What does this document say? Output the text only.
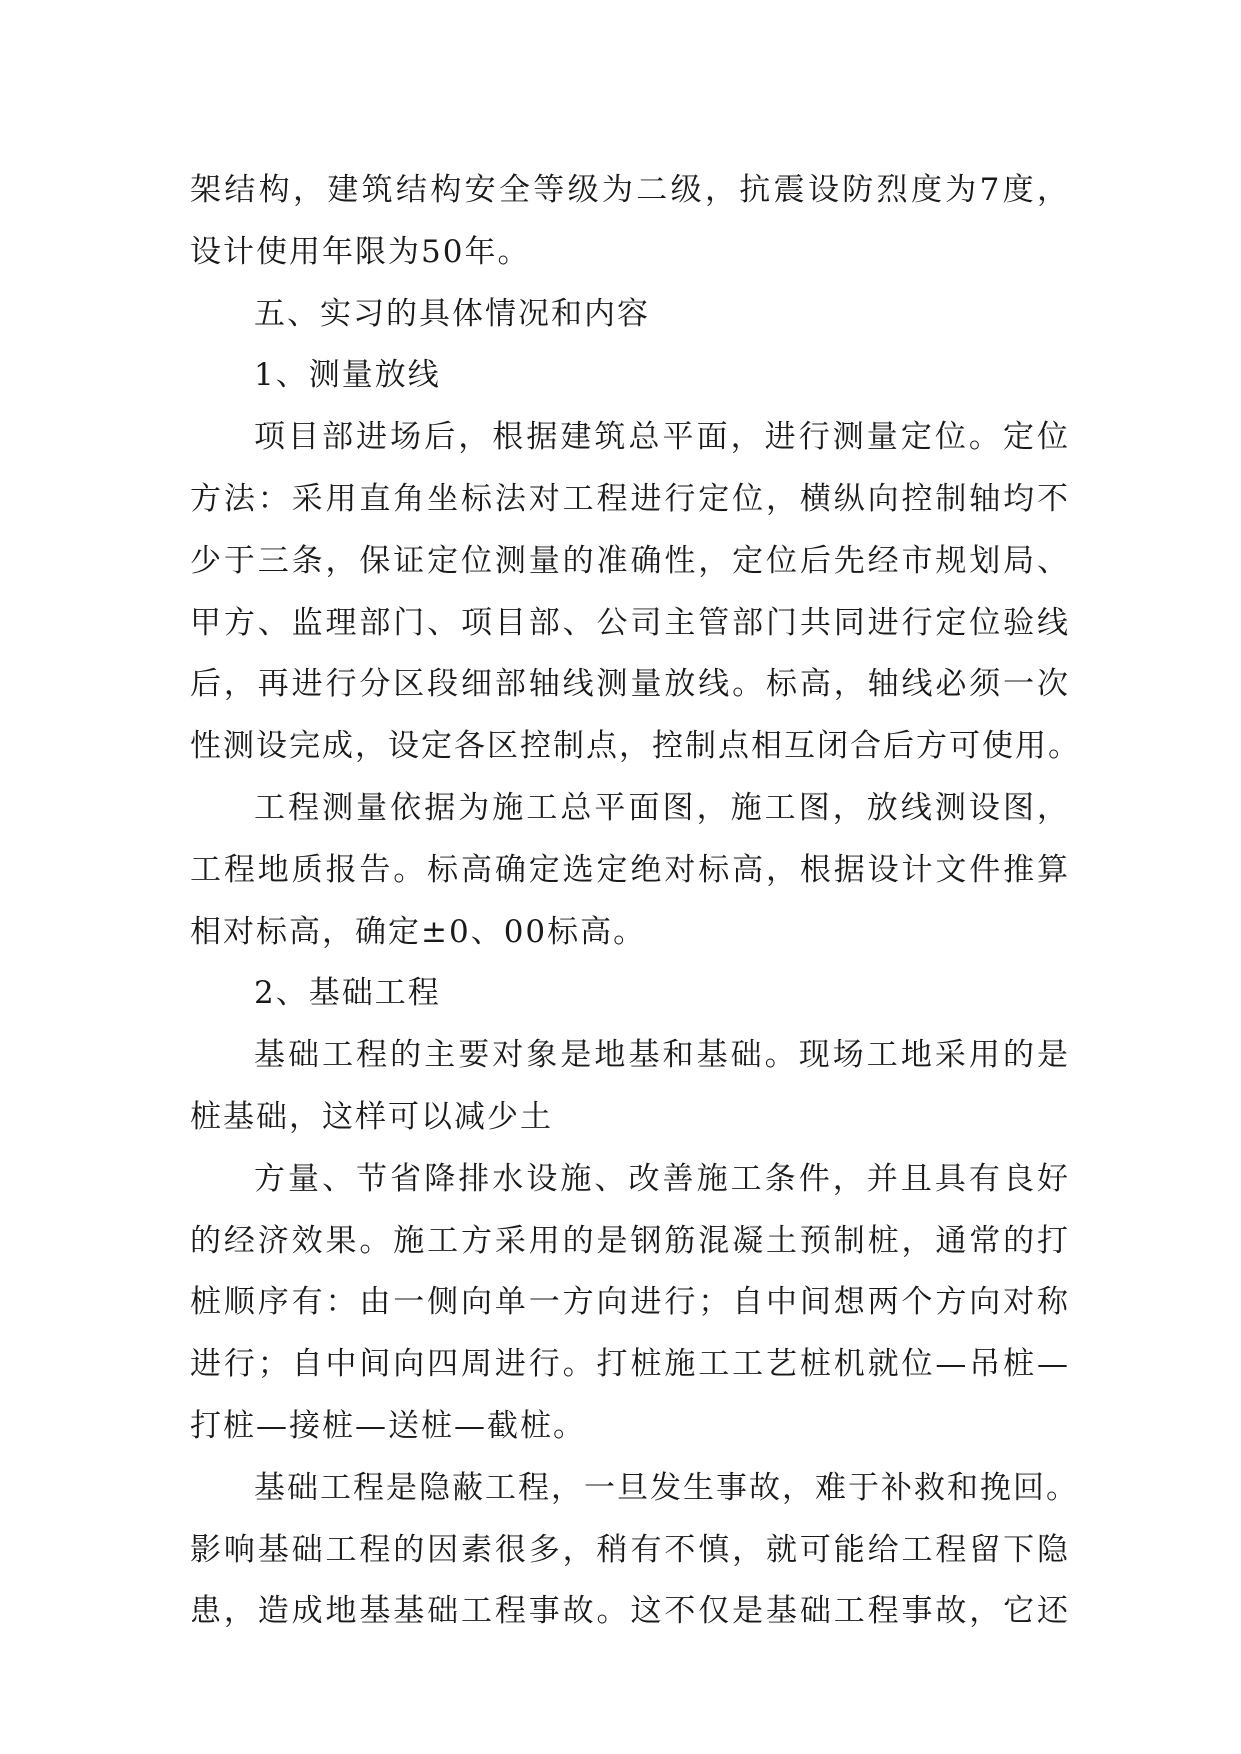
架结构，建筑结构安全等级为二级，抗震设防烈度为7度，
设计使用年限为50年。
五、实习的具体情况和内容
1、测量放线
项目部进场后，根据建筑总平面，进行测量定位。定位
方法：采用直角坐标法对工程进行定位，横纵向控制轴均不
少于三条，保证定位测量的准确性，定位后先经市规划局、
甲方、监理部门、项目部、公司主管部门共同进行定位验线
后，再进行分区段细部轴线测量放线。标高，轴线必须一次
性测设完成，设定各区控制点，控制点相互闭合后方可使用。
工程测量依据为施工总平面图，施工图，放线测设图，
工程地质报告。标高确定选定绝对标高，根据设计文件推算
相对标高，确定±0、00标高。
2、基础工程
基础工程的主要对象是地基和基础。现场工地采用的是
桩基础，这样可以减少土
方量、节省降排水设施、改善施工条件，并且具有良好
的经济效果。施工方采用的是钢筋混凝土预制桩，通常的打
桩顺序有：由一侧向单一方向进行；自中间想两个方向对称
进行；自中间向四周进行。打桩施工工艺桩机就位—吊桩—
打桩—接桩—送桩—截桩。
基础工程是隐蔽工程，一旦发生事故，难于补救和挽回。
影响基础工程的因素很多，稍有不慎，就可能给工程留下隐
患，造成地基基础工程事故。这不仅是基础工程事故，它还
